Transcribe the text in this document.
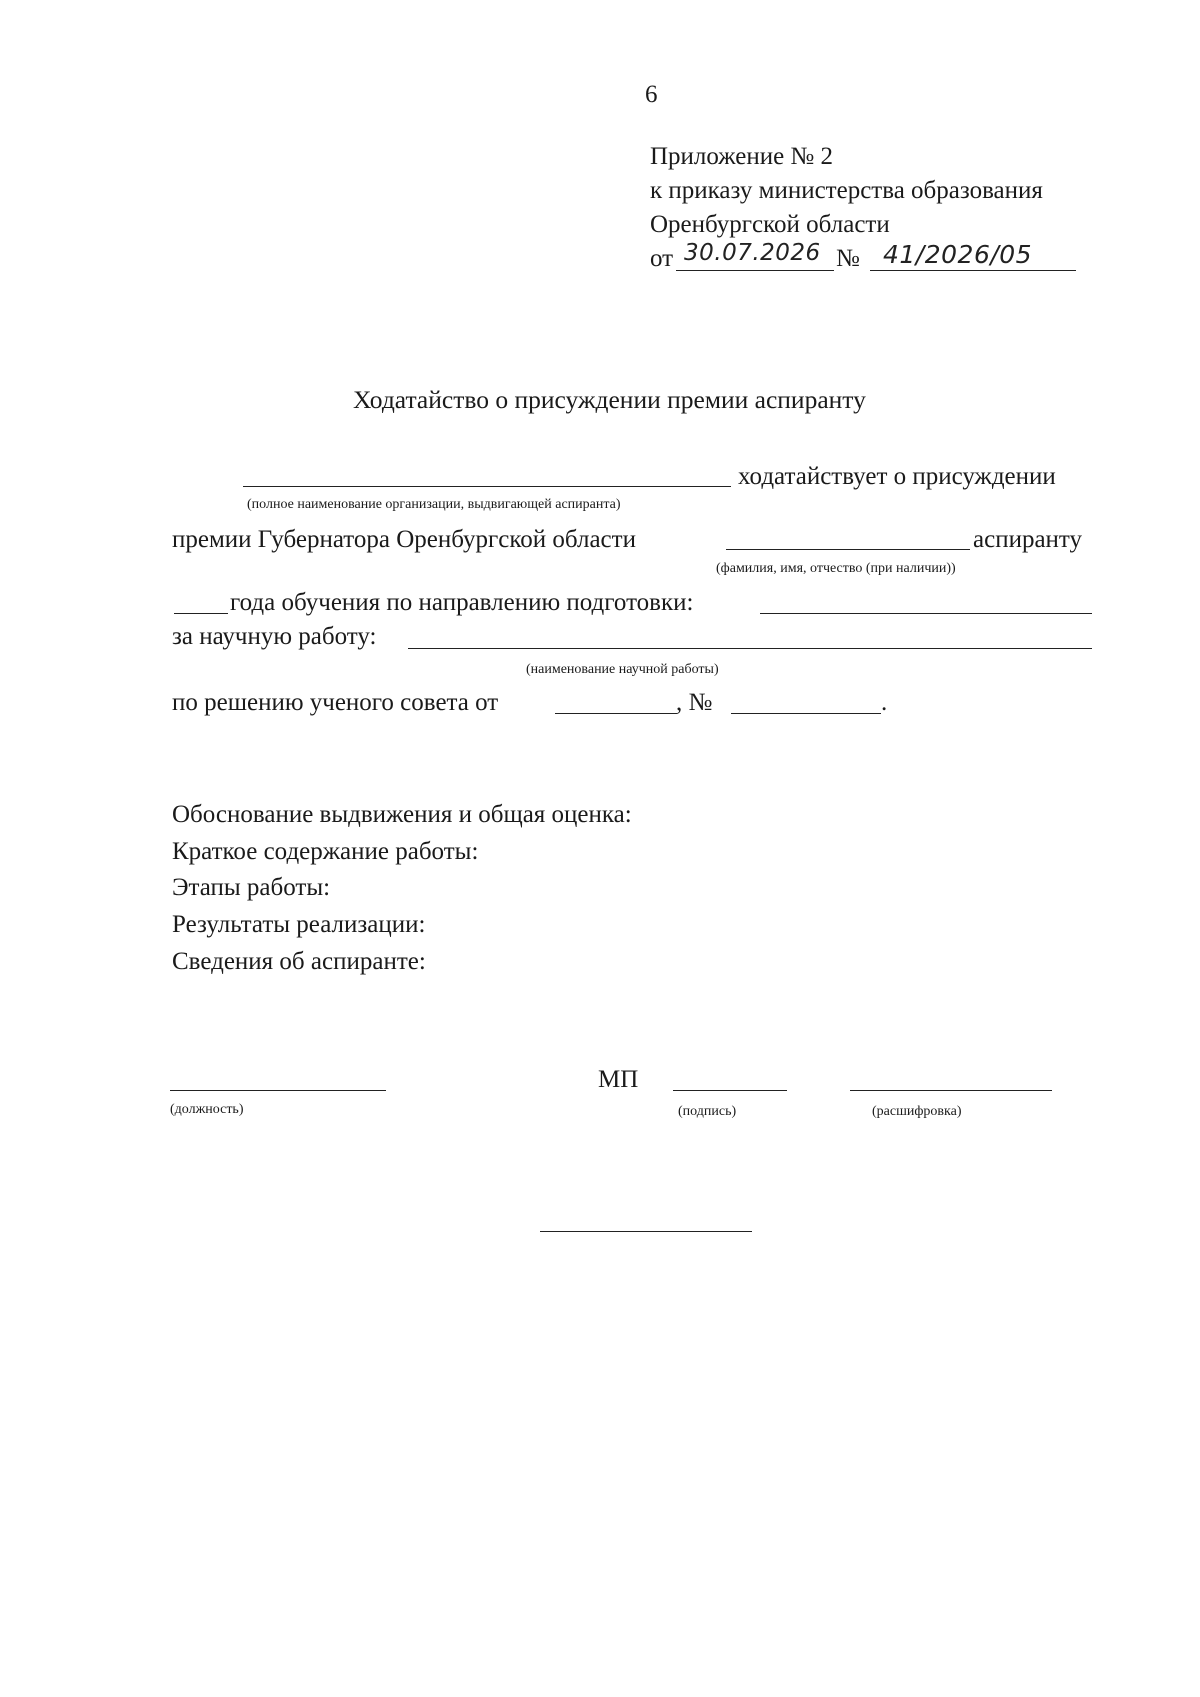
6
Приложение № 2
к приказу министерства образования
Оренбургской области
от 30.07.2026 № 41/2026/05
Ходатайство о присуждении премии аспиранту
ходатайствует о присуждении
(полное наименование организации, выдвигающей аспиранта)
премии Губернатора Оренбургской области	аспиранту
(фамилия, имя, отчество (при наличии))
года обучения по направлению подготовки:
за научную работу:
(наименование научной работы)
по решению ученого совета от	, №	.
Обоснование выдвижения и общая оценка:
Краткое содержание работы:
Этапы работы:
Результаты реализации:
Сведения об аспиранте:
(должность)
МП
(подпись)	(расшифровка)
